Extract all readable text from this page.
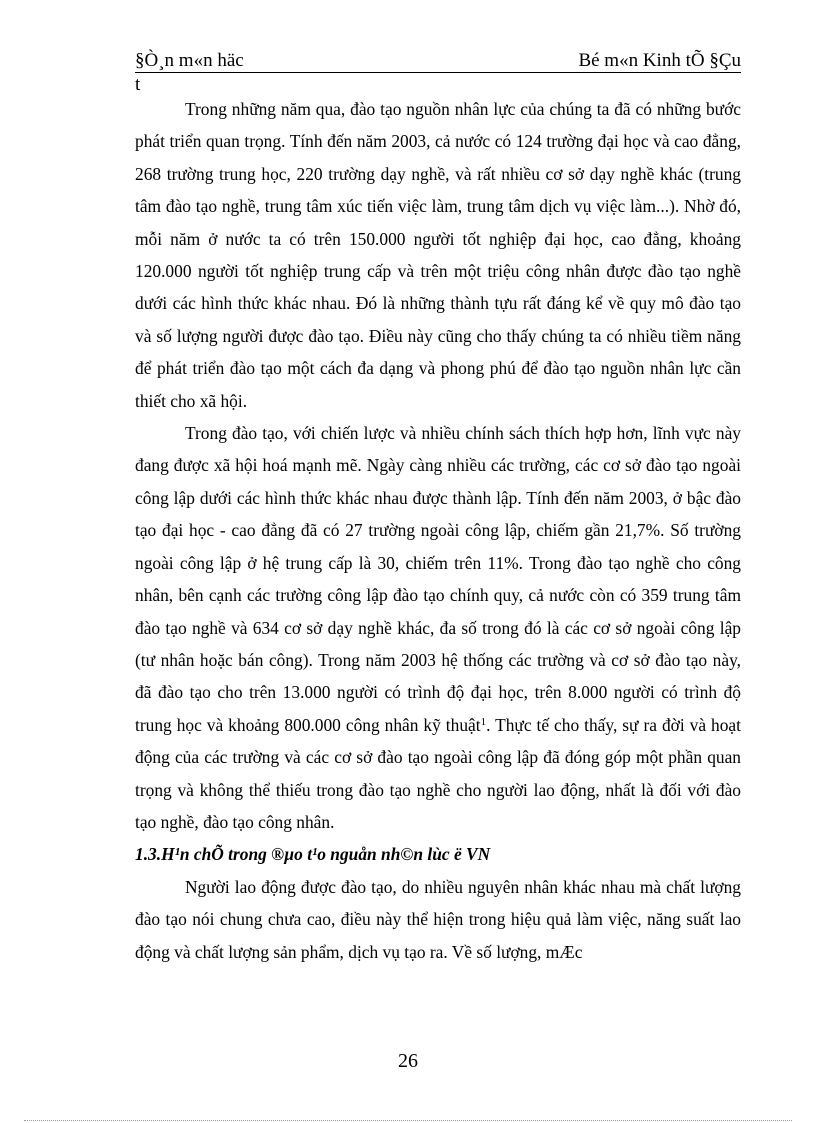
§Ò¸n m«n häc	Bé m«n Kinh tÕ §Çu
t

Trong những năm qua, đào tạo nguồn nhân lực của chúng ta đã có những bước phát triển quan trọng. Tính đến năm 2003, cả nước có 124 trường đại học và cao đẳng, 268 trường trung học, 220 trường dạy nghề, và rất nhiều cơ sở dạy nghề khác (trung tâm đào tạo nghề, trung tâm xúc tiến việc làm, trung tâm dịch vụ việc làm...). Nhờ đó, mỗi năm ở nước ta có trên 150.000 người tốt nghiệp đại học, cao đẳng, khoảng 120.000 người tốt nghiệp trung cấp và trên một triệu công nhân được đào tạo nghề dưới các hình thức khác nhau. Đó là những thành tựu rất đáng kể về quy mô đào tạo và số lượng người được đào tạo. Điều này cũng cho thấy chúng ta có nhiều tiềm năng để phát triển đào tạo một cách đa dạng và phong phú để đào tạo nguồn nhân lực cần thiết cho xã hội.

Trong đào tạo, với chiến lược và nhiều chính sách thích hợp hơn, lĩnh vực này đang được xã hội hoá mạnh mẽ. Ngày càng nhiều các trường, các cơ sở đào tạo ngoài công lập dưới các hình thức khác nhau được thành lập. Tính đến năm 2003, ở bậc đào tạo đại học - cao đẳng đã có 27 trường ngoài công lập, chiếm gần 21,7%. Số trường ngoài công lập ở hệ trung cấp là 30, chiếm trên 11%. Trong đào tạo nghề cho công nhân, bên cạnh các trường công lập đào tạo chính quy, cả nước còn có 359 trung tâm đào tạo nghề và 634 cơ sở dạy nghề khác, đa số trong đó là các cơ sở ngoài công lập (tư nhân hoặc bán công). Trong năm 2003 hệ thống các trường và cơ sở đào tạo này, đã đào tạo cho trên 13.000 người có trình độ đại học, trên 8.000 người có trình độ trung học và khoảng 800.000 công nhân kỹ thuật$^1$. Thực tế cho thấy, sự ra đời và hoạt động của các trường và các cơ sở đào tạo ngoài công lập đã đóng góp một phần quan trọng và không thể thiếu trong đào tạo nghề cho người lao động, nhất là đối với đào tạo nghề, đào tạo công nhân.

1.3.H¹n chÕ trong ®µo t¹o nguån nh©n lùc ë VN

Người lao động được đào tạo, do nhiều nguyên nhân khác nhau mà chất lượng đào tạo nói chung chưa cao, điều này thể hiện trong hiệu quả làm việc, năng suất lao động và chất lượng sản phẩm, dịch vụ tạo ra. Về số lượng, mÆc

26
